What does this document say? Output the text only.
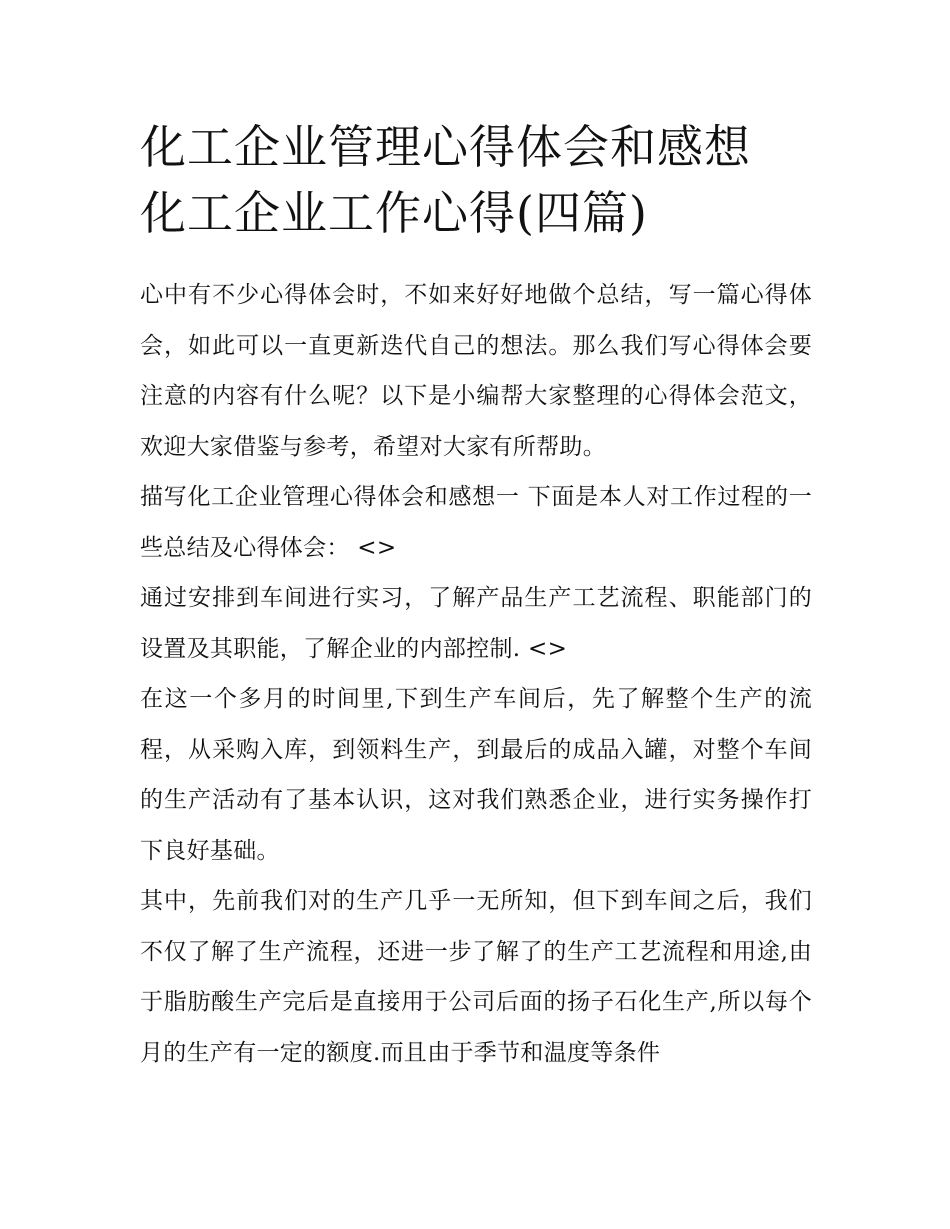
化工企业管理心得体会和感想
化工企业工作心得(四篇)

心中有不少心得体会时，不如来好好地做个总结，写一篇心得体会，如此可以一直更新迭代自己的想法。那么我们写心得体会要注意的内容有什么呢？以下是小编帮大家整理的心得体会范文，欢迎大家借鉴与参考，希望对大家有所帮助。

描写化工企业管理心得体会和感想一 下面是本人对工作过程的一些总结及心得体会： <>

通过安排到车间进行实习，了解产品生产工艺流程、职能部门的设置及其职能，了解企业的内部控制. <>

在这一个多月的时间里,下到生产车间后，先了解整个生产的流程，从采购入库，到领料生产，到最后的成品入罐，对整个车间的生产活动有了基本认识，这对我们熟悉企业，进行实务操作打下良好基础。

其中，先前我们对的生产几乎一无所知，但下到车间之后，我们不仅了解了生产流程，还进一步了解了的生产工艺流程和用途,由于脂肪酸生产完后是直接用于公司后面的扬子石化生产,所以每个月的生产有一定的额度.而且由于季节和温度等条件
